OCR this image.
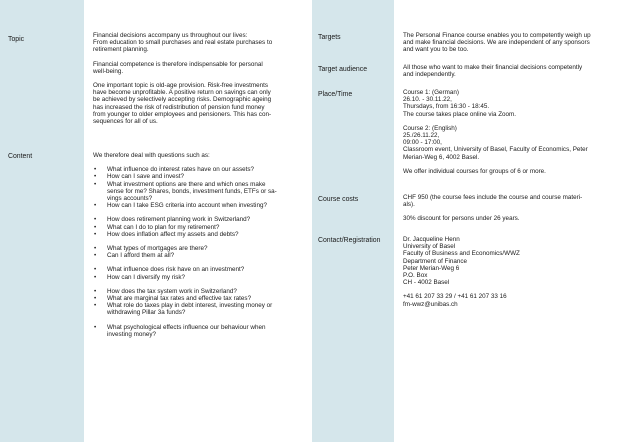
Topic
Content
Financial decisions accompany us throughout our lives:
From education to small purchases and real estate purchases to
retirement planning.
Financial competence is therefore indispensable for personal
well-being.
One important topic is old-age provision. Risk-free investments
have become unprofitable. A positive return on savings can only
be achieved by selectively accepting risks. Demographic ageing
has increased the risk of redistribution of pension fund money
from younger to older employees and pensioners. This has con-
sequences for all of us.
We therefore deal with questions such as:
• What influence do interest rates have on our assets?
• How can I save and invest?
• What investment options are there and which ones make
sense for me? Shares, bonds, investment funds, ETFs or sa-
vings accounts?
• How can I take ESG criteria into account when investing?
• How does retirement planning work in Switzerland?
• What can I do to plan for my retirement?
• How does inflation affect my assets and debts?
• What types of mortgages are there?
• Can I afford them at all?
• What influence does risk have on an investment?
• How can I diversify my risk?
• How does the tax system work in Switzerland?
• What are marginal tax rates and effective tax rates?
• What role do taxes play in debt interest, investing money or
withdrawing Pillar 3a funds?
• What psychological effects influence our behaviour when
investing money?
Targets
Target audience
Place/Time
Course costs
Contact/Registration
The Personal Finance course enables you to competently weigh up
and make financial decisions. We are independent of any sponsors
and want you to be too.
All those who want to make their financial decisions competently
and independently.
Course 1: (German)
26.10. - 30.11.22,
Thursdays, from 16:30 - 18:45.
The course takes place online via Zoom.
Course 2: (English)
25./26.11.22,
09:00 - 17:00,
Classroom event, University of Basel, Faculty of Economics, Peter
Merian-Weg 6, 4002 Basel.
We offer individual courses for groups of 6 or more.
CHF 950 (the course fees include the course and course materi-
als).
30% discount for persons under 26 years.
Dr. Jacqueline Henn
University of Basel
Faculty of Business and Economics/WWZ
Department of Finance
Peter Merian-Weg 6
P.O. Box
CH - 4002 Basel
+41 61 207 33 29 / +41 61 207 33 16
fm-wwz@unibas.ch
